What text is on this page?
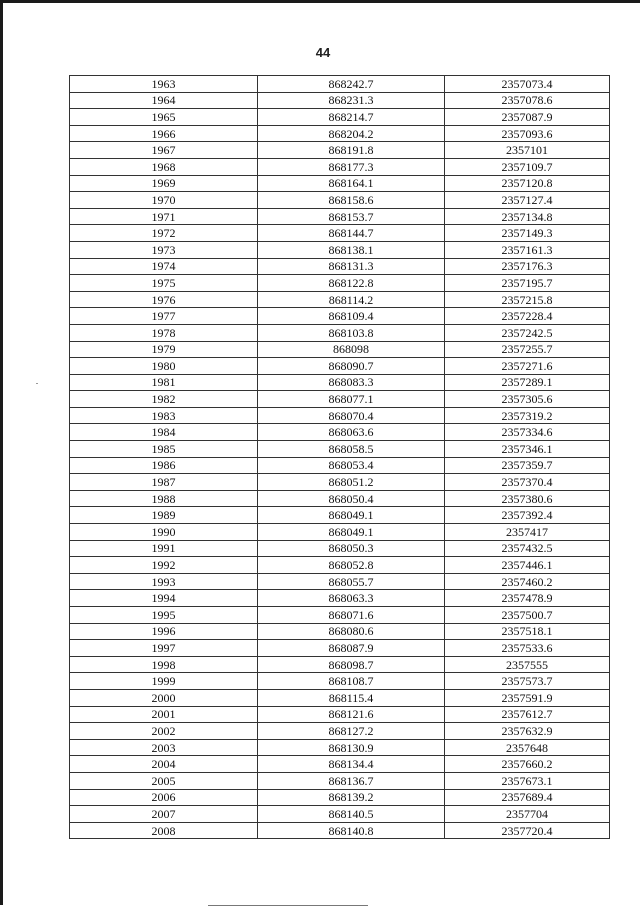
44
1963	868242.7	2357073.4
1964	868231.3	2357078.6
1965	868214.7	2357087.9
1966	868204.2	2357093.6
1967	868191.8	2357101
1968	868177.3	2357109.7
1969	868164.1	2357120.8
1970	868158.6	2357127.4
1971	868153.7	2357134.8
1972	868144.7	2357149.3
1973	868138.1	2357161.3
1974	868131.3	2357176.3
1975	868122.8	2357195.7
1976	868114.2	2357215.8
1977	868109.4	2357228.4
1978	868103.8	2357242.5
1979	868098	2357255.7
1980	868090.7	2357271.6
1981	868083.3	2357289.1
1982	868077.1	2357305.6
1983	868070.4	2357319.2
1984	868063.6	2357334.6
1985	868058.5	2357346.1
1986	868053.4	2357359.7
1987	868051.2	2357370.4
1988	868050.4	2357380.6
1989	868049.1	2357392.4
1990	868049.1	2357417
1991	868050.3	2357432.5
1992	868052.8	2357446.1
1993	868055.7	2357460.2
1994	868063.3	2357478.9
1995	868071.6	2357500.7
1996	868080.6	2357518.1
1997	868087.9	2357533.6
1998	868098.7	2357555
1999	868108.7	2357573.7
2000	868115.4	2357591.9
2001	868121.6	2357612.7
2002	868127.2	2357632.9
2003	868130.9	2357648
2004	868134.4	2357660.2
2005	868136.7	2357673.1
2006	868139.2	2357689.4
2007	868140.5	2357704
2008	868140.8	2357720.4
